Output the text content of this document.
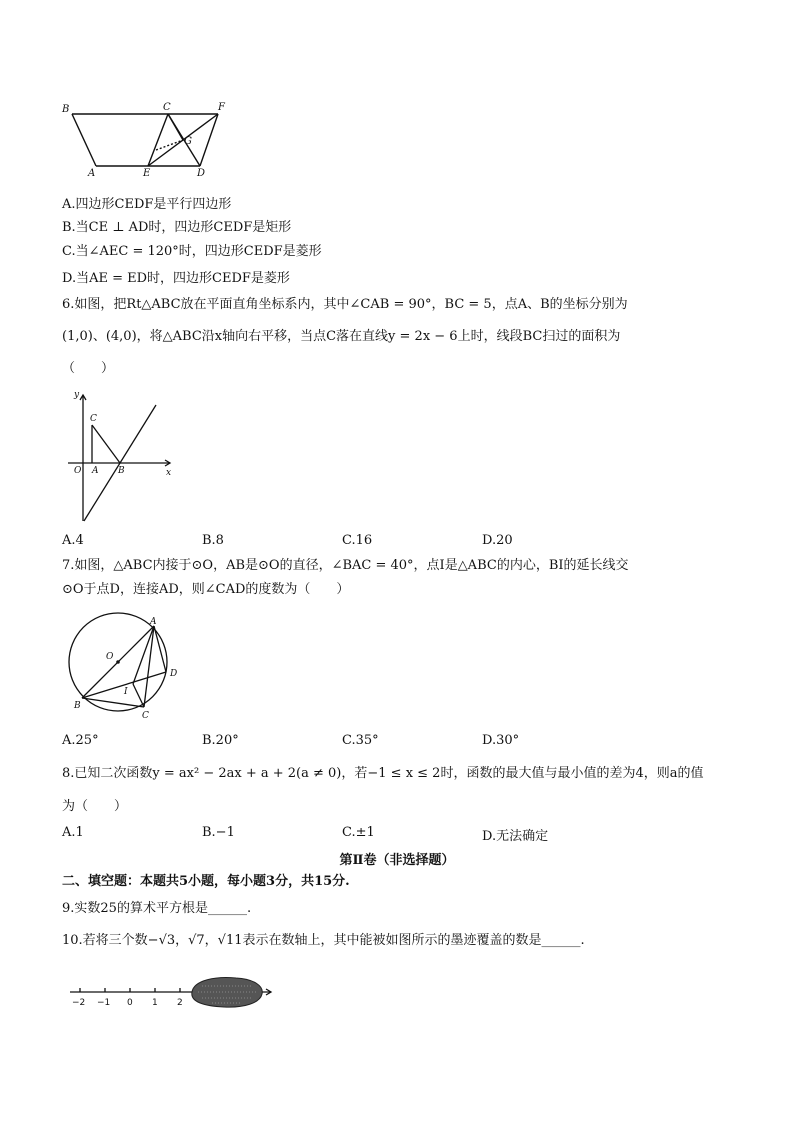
B	C	F
G
A	E	D
A.四边形CEDF是平行四边形
B.当CE ⊥ AD时，四边形CEDF是矩形
C.当∠AEC = 120°时，四边形CEDF是菱形
D.当AE = ED时，四边形CEDF是菱形
6.如图，把Rt△ABC放在平面直角坐标系内，其中∠CAB = 90°，BC = 5，点A、B的坐标分别为
(1,0)、(4,0)，将△ABC沿x轴向右平移，当点C落在直线y = 2x − 6上时，线段BC扫过的面积为
（　　）
y
x
C
O A B
A.4	B.8	C.16	D.20
7.如图，△ABC内接于⊙O，AB是⊙O的直径，∠BAC = 40°，点I是△ABC的内心，BI的延长线交
⊙O于点D，连接AD，则∠CAD的度数为（　　）
A
O
D
I
B
C
A.25°	B.20°	C.35°	D.30°
8.已知二次函数y = ax² − 2ax + a + 2(a ≠ 0)，若−1 ≤ x ≤ 2时，函数的最大值与最小值的差为4，则a的值
为（　　）
A.1	B.−1	C.±1	D.无法确定
第Ⅱ卷（非选择题）
二、填空题：本题共5小题，每小题3分，共15分.
9.实数25的算术平方根是______.
10.若将三个数−√3，√7，√11表示在数轴上，其中能被如图所示的墨迹覆盖的数是______.
−2 −1 0 1 2
